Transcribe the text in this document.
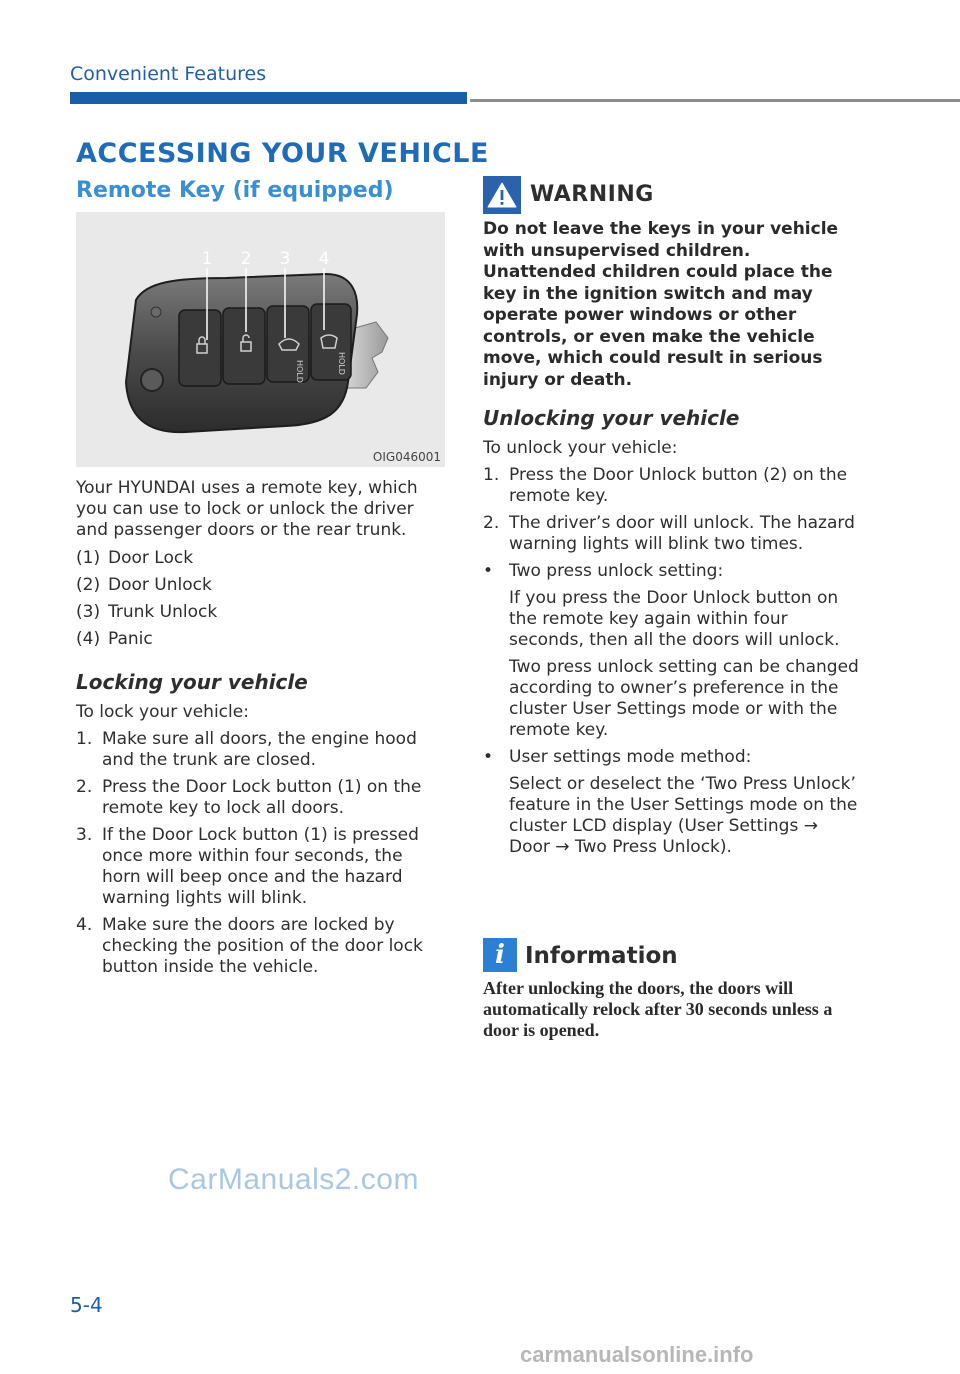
Convenient Features
ACCESSING YOUR VEHICLE
Remote Key (if equipped)
HOLD	HOLD
1 2 3 4
OIG046001

Your HYUNDAI uses a remote key, which you can use to lock or unlock the driver and passenger doors or the rear trunk.

(1) Door Lock

(2) Door Unlock

(3) Trunk Unlock

(4) Panic

Locking your vehicle

To lock your vehicle:

1. Make sure all doors, the engine hood and the trunk are closed.

2. Press the Door Lock button (1) on the remote key to lock all doors.

3. If the Door Lock button (1) is pressed once more within four seconds, the horn will beep once and the hazard warning lights will blink.

4. Make sure the doors are locked by checking the position of the door lock button inside the vehicle.

WARNING
Do not leave the keys in your vehicle with unsupervised children. Unattended children could place the key in the ignition switch and may operate power windows or other controls, or even make the vehicle move, which could result in serious injury or death.
Unlocking your vehicle

To unlock your vehicle:

1. Press the Door Unlock button (2) on the remote key.

2. The driver’s door will unlock. The hazard warning lights will blink two times.

• Two press unlock setting:

If you press the Door Unlock button on the remote key again within four seconds, then all the doors will unlock.

Two press unlock setting can be changed according to owner’s preference in the cluster User Settings mode or with the remote key.

• User settings mode method:

Select or deselect the ‘Two Press Unlock’ feature in the User Settings mode on the cluster LCD display (User Settings → Door → Two Press Unlock).

i Information
After unlocking the doors, the doors will automatically relock after 30 seconds unless a door is opened.
CarManuals2.com
5-4
carmanualsonline.info
